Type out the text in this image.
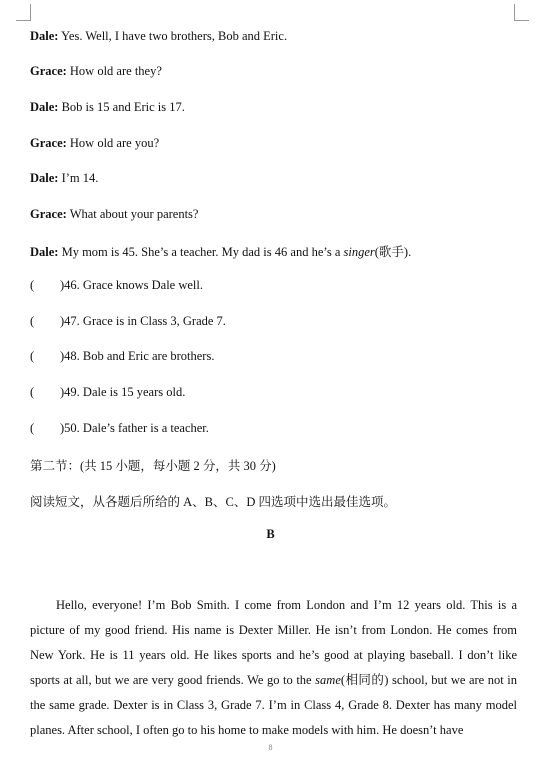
Dale: Yes. Well, I have two brothers, Bob and Eric.
Grace: How old are they?
Dale: Bob is 15 and Eric is 17.
Grace: How old are you?
Dale: I’m 14.
Grace: What about your parents?
Dale: My mom is 45. She’s a teacher. My dad is 46 and he’s a singer(歌手).
( )46. Grace knows Dale well.
( )47. Grace is in Class 3, Grade 7.
( )48. Bob and Eric are brothers.
( )49. Dale is 15 years old.
( )50. Dale’s father is a teacher.
第二节：(共 15 小题，每小题 2 分，共 30 分)
阅读短文，从各题后所给的 A、B、C、D 四选项中选出最佳选项。
B
Hello, everyone! I’m Bob Smith. I come from London and I’m 12 years old. This is a picture of my good friend. His name is Dexter Miller. He isn’t from London. He comes from New York. He is 11 years old. He likes sports and he’s good at playing baseball. I don’t like sports at all, but we are very good friends. We go to the same(相同的) school, but we are not in the same grade. Dexter is in Class 3, Grade 7. I’m in Class 4, Grade 8. Dexter has many model planes. After school, I often go to his home to make models with him. He doesn’t have
8
